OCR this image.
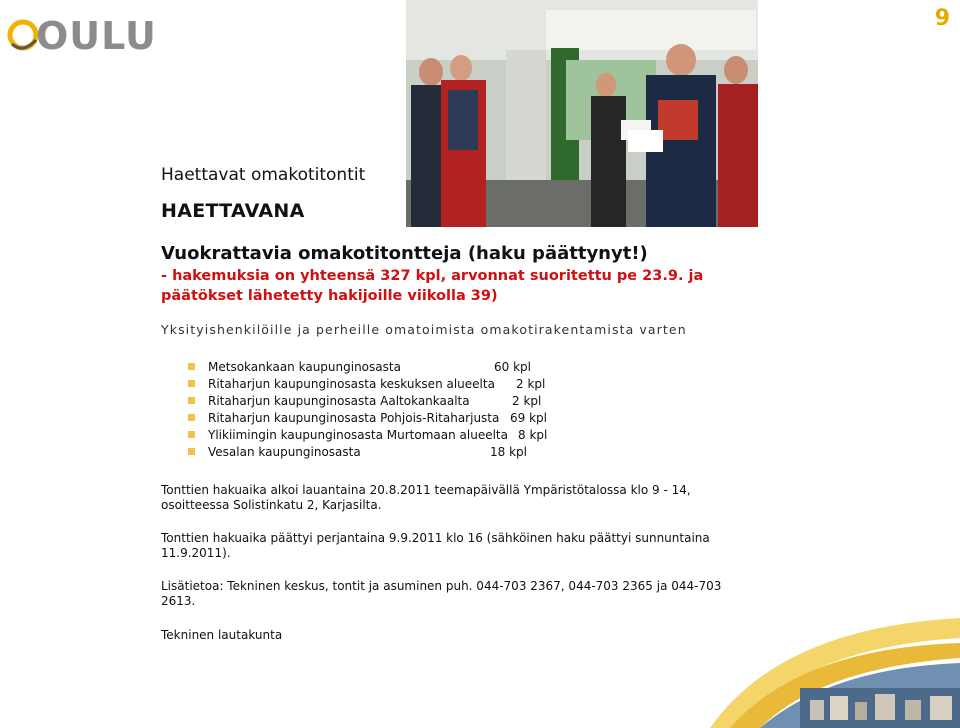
OULU	9
Haettavat omakotitontit
HAETTAVANA
Vuokrattavia omakotitontteja (haku päättynyt!)
- hakemuksia on yhteensä 327 kpl, arvonnat suoritettu pe 23.9. ja päätökset lähetetty hakijoille viikolla 39)
Yksityishenkilöille ja perheille omatoimista omakotirakentamista varten
Metsokankaan kaupunginosasta	60 kpl
Ritaharjun kaupunginosasta keskuksen alueelta 2 kpl
Ritaharjun kaupunginosasta Aaltokankaalta	2 kpl
Ritaharjun kaupunginosasta Pohjois-Ritaharjusta 69 kpl
Ylikiimingin kaupunginosasta Murtomaan alueelta 8 kpl
Vesalan kaupunginosasta	18 kpl
Tonttien hakuaika alkoi lauantaina 20.8.2011 teemapäivällä Ympäristötalossa klo 9 - 14, osoitteessa Solistinkatu 2, Karjasilta.
Tonttien hakuaika päättyi perjantaina 9.9.2011 klo 16 (sähköinen haku päättyi sunnuntaina 11.9.2011).
Lisätietoa: Tekninen keskus, tontit ja asuminen puh. 044-703 2367, 044-703 2365 ja 044-703 2613.
Tekninen lautakunta
